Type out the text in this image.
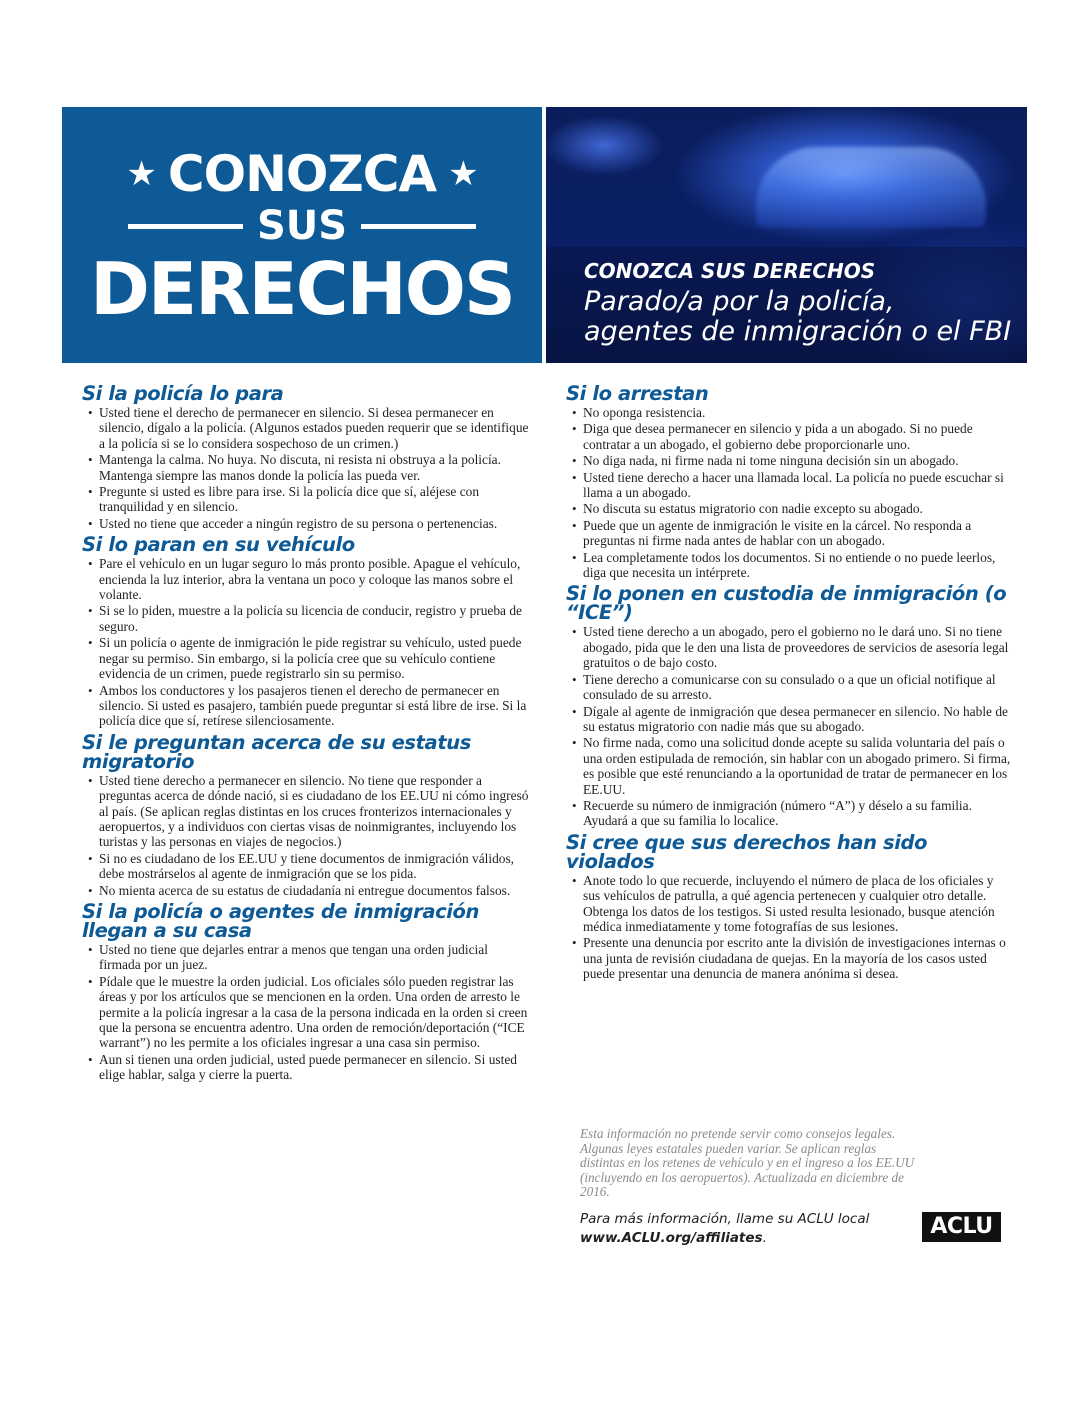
★ CONOZCA ★
SUS
DERECHOS	CONOZCA SUS DERECHOS
Parado/a por la policía,
agentes de inmigración o el FBI
Si la policía lo para
• Usted tiene el derecho de permanecer en silencio. Si desea permanecer en silencio, dígalo a la policía. (Algunos estados pueden requerir que se identifique a la policía si se lo considera sospechoso de un crimen.)
• Mantenga la calma. No huya. No discuta, ni resista ni obstruya a la policía. Mantenga siempre las manos donde la policía las pueda ver.
• Pregunte si usted es libre para irse. Si la policía dice que sí, aléjese con tranquilidad y en silencio.
• Usted no tiene que acceder a ningún registro de su persona o pertenencias.
Si lo paran en su vehículo
• Pare el vehículo en un lugar seguro lo más pronto posible. Apague el vehículo, encienda la luz interior, abra la ventana un poco y coloque las manos sobre el volante.
• Si se lo piden, muestre a la policía su licencia de conducir, registro y prueba de seguro.
• Si un policía o agente de inmigración le pide registrar su vehículo, usted puede negar su permiso. Sin embargo, si la policía cree que su vehículo contiene evidencia de un crimen, puede registrarlo sin su permiso.
• Ambos los conductores y los pasajeros tienen el derecho de permanecer en silencio. Si usted es pasajero, también puede preguntar si está libre de irse. Si la policía dice que sí, retírese silenciosamente.
Si le preguntan acerca de su estatus migratorio
• Usted tiene derecho a permanecer en silencio. No tiene que responder a preguntas acerca de dónde nació, si es ciudadano de los EE.UU ni cómo ingresó al país. (Se aplican reglas distintas en los cruces fronterizos internacionales y aeropuertos, y a individuos con ciertas visas de noinmigrantes, incluyendo los turistas y las personas en viajes de negocios.)
• Si no es ciudadano de los EE.UU y tiene documentos de inmigración válidos, debe mostrárselos al agente de inmigración que se los pida.
• No mienta acerca de su estatus de ciudadanía ni entregue documentos falsos.
Si la policía o agentes de inmigración llegan a su casa
• Usted no tiene que dejarles entrar a menos que tengan una orden judicial firmada por un juez.
• Pídale que le muestre la orden judicial. Los oficiales sólo pueden registrar las áreas y por los artículos que se mencionen en la orden. Una orden de arresto le permite a la policía ingresar a la casa de la persona indicada en la orden si creen que la persona se encuentra adentro. Una orden de remoción/deportación (“ICE warrant”) no les permite a los oficiales ingresar a una casa sin permiso.
• Aun si tienen una orden judicial, usted puede permanecer en silencio. Si usted elige hablar, salga y cierre la puerta.
Si lo arrestan
• No oponga resistencia.
• Diga que desea permanecer en silencio y pida a un abogado. Si no puede contratar a un abogado, el gobierno debe proporcionarle uno.
• No diga nada, ni firme nada ni tome ninguna decisión sin un abogado.
• Usted tiene derecho a hacer una llamada local. La policía no puede escuchar si llama a un abogado.
• No discuta su estatus migratorio con nadie excepto su abogado.
• Puede que un agente de inmigración le visite en la cárcel. No responda a preguntas ni firme nada antes de hablar con un abogado.
• Lea completamente todos los documentos. Si no entiende o no puede leerlos, diga que necesita un intérprete.
Si lo ponen en custodia de inmigración (o “ICE”)
• Usted tiene derecho a un abogado, pero el gobierno no le dará uno. Si no tiene abogado, pida que le den una lista de proveedores de servicios de asesoría legal gratuitos o de bajo costo.
• Tiene derecho a comunicarse con su consulado o a que un oficial notifique al consulado de su arresto.
• Dígale al agente de inmigración que desea permanecer en silencio. No hable de su estatus migratorio con nadie más que su abogado.
• No firme nada, como una solicitud donde acepte su salida voluntaria del país o una orden estipulada de remoción, sin hablar con un abogado primero. Si firma, es posible que esté renunciando a la oportunidad de tratar de permanecer en los EE.UU.
• Recuerde su número de inmigración (número “A”) y déselo a su familia. Ayudará a que su familia lo localice.
Si cree que sus derechos han sido violados
• Anote todo lo que recuerde, incluyendo el número de placa de los oficiales y sus vehículos de patrulla, a qué agencia pertenecen y cualquier otro detalle. Obtenga los datos de los testigos. Si usted resulta lesionado, busque atención médica inmediatamente y tome fotografías de sus lesiones.
• Presente una denuncia por escrito ante la división de investigaciones internas o una junta de revisión ciudadana de quejas. En la mayoría de los casos usted puede presentar una denuncia de manera anónima si desea.
Esta información no pretende servir como consejos legales. Algunas leyes estatales pueden variar. Se aplican reglas distintas en los retenes de vehículo y en el ingreso a los EE.UU (incluyendo en los aeropuertos). Actualizada en diciembre de 2016.
Para más información, llame su ACLU local
www.ACLU.org/affiliates.	ACLU
